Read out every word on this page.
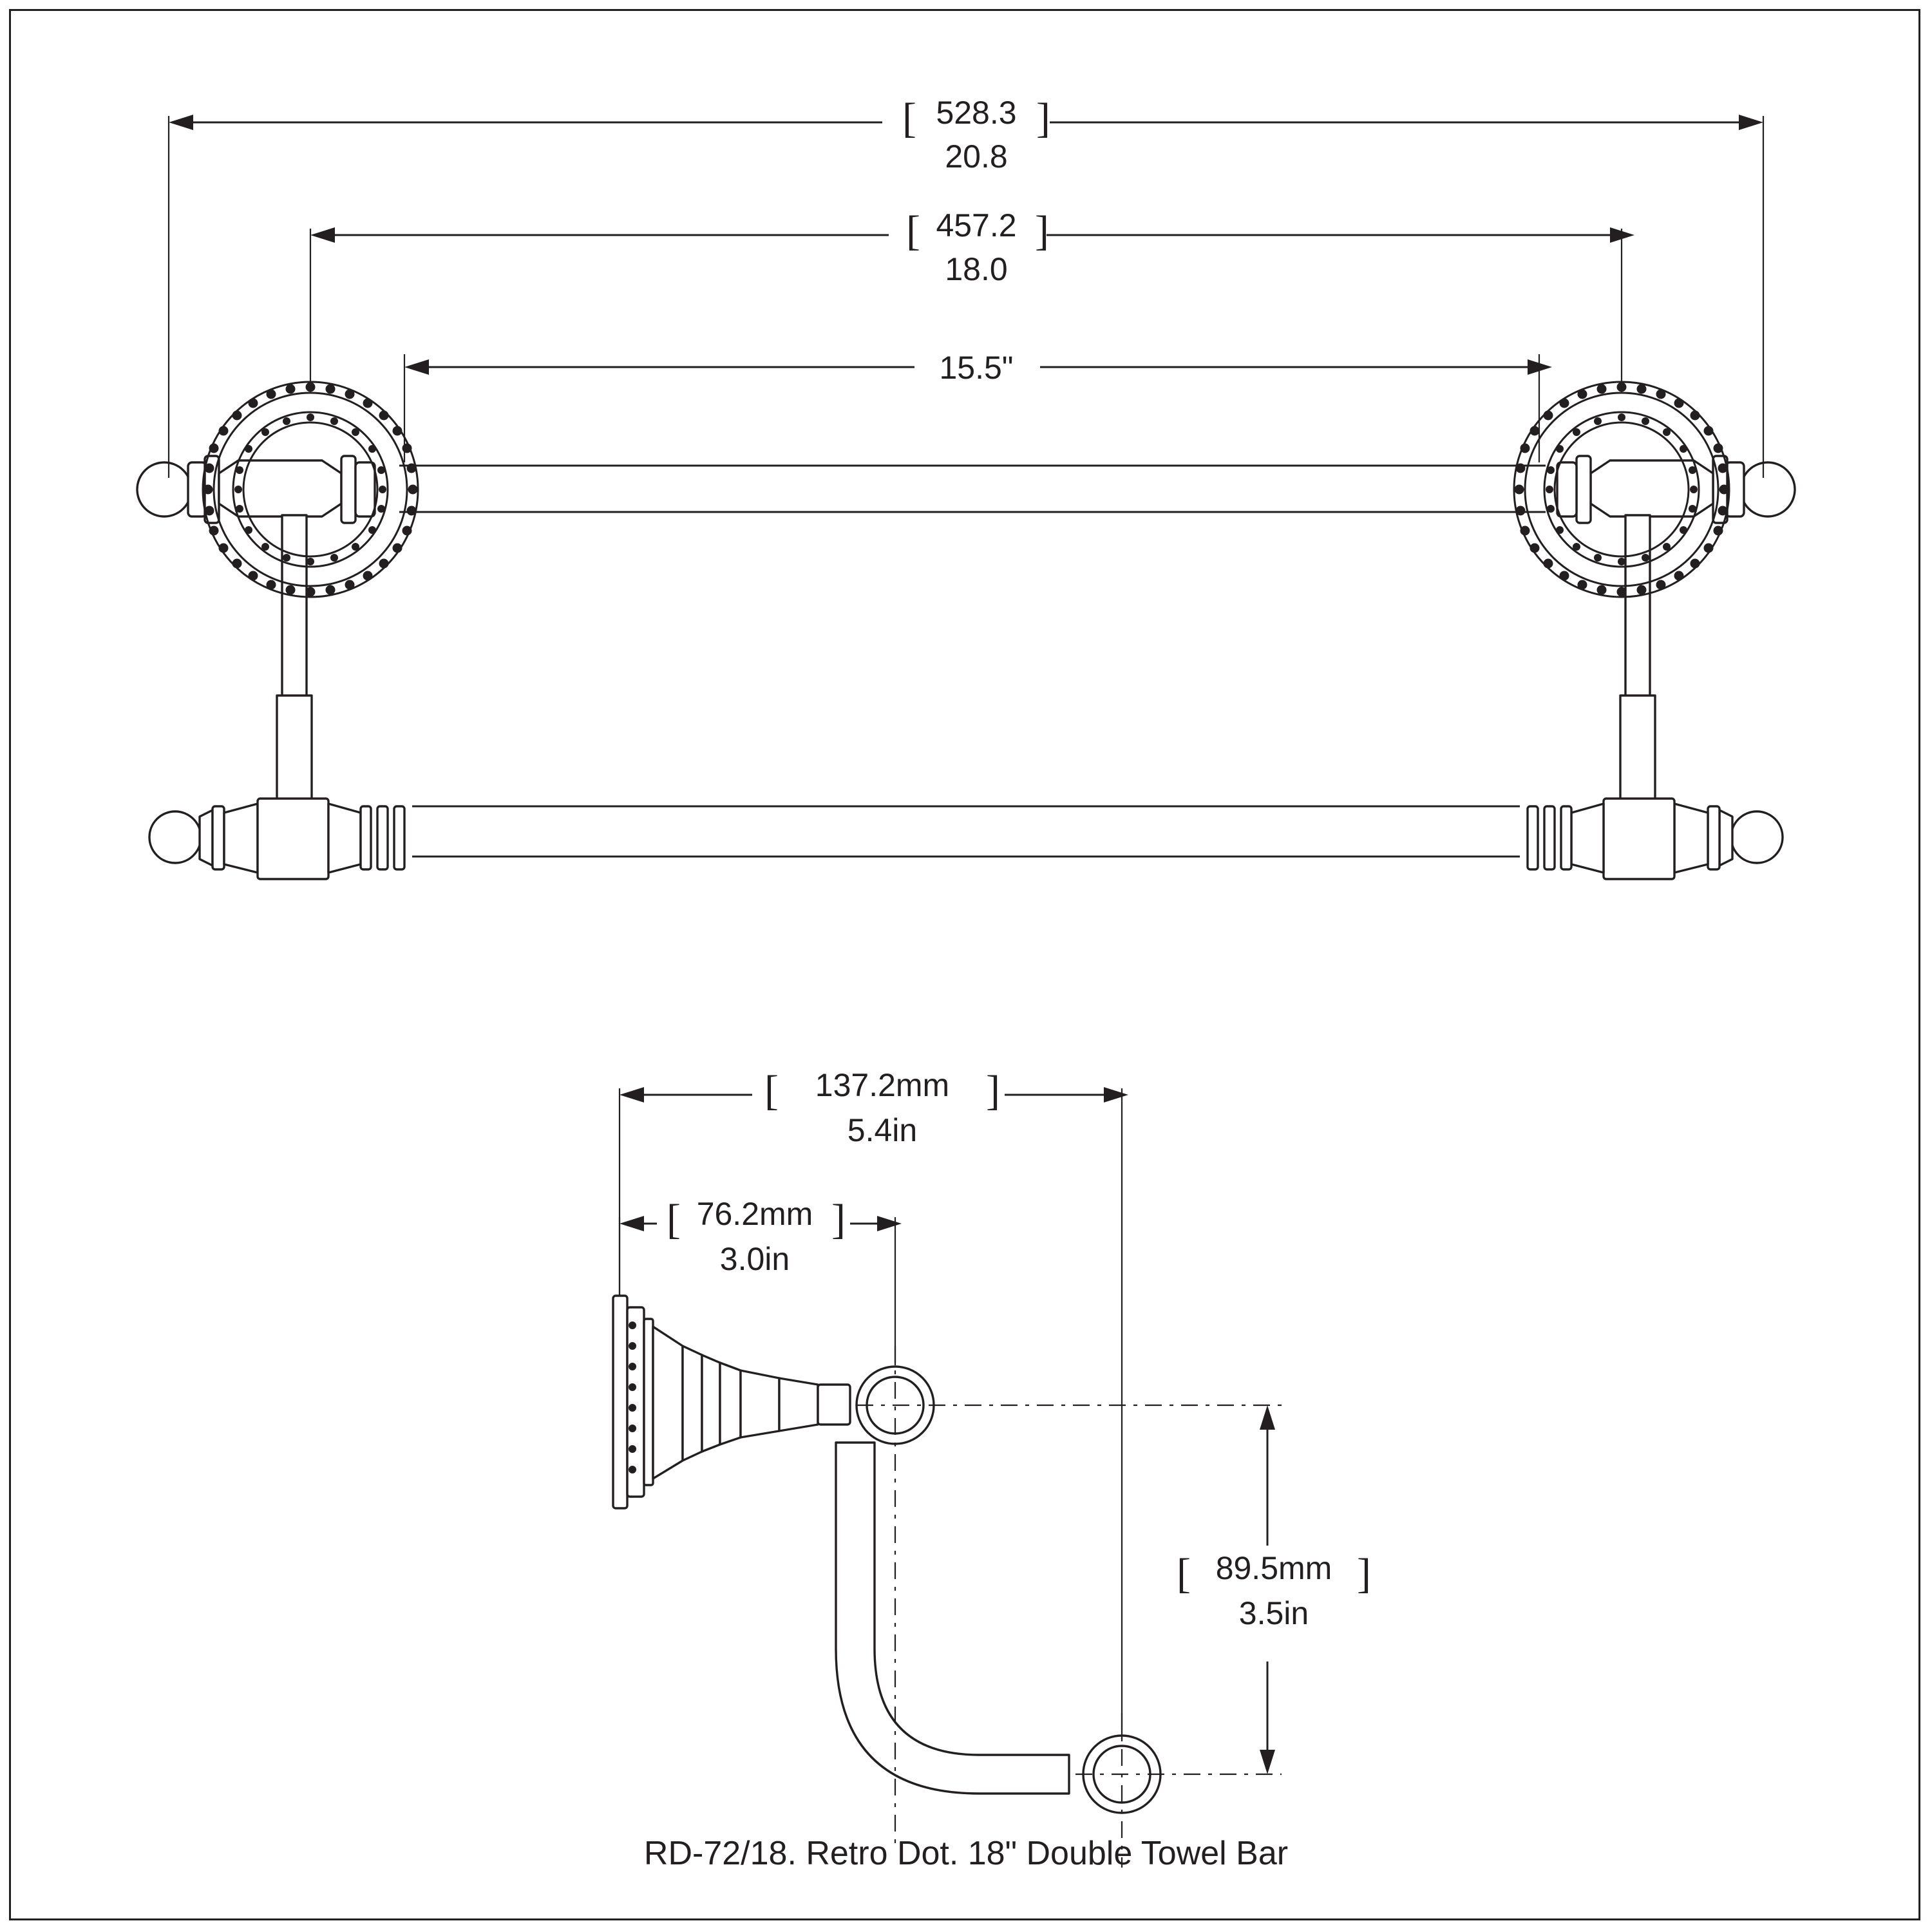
[	]
528.3
20.8
[	]
457.2
18.0
15.5"
[	]
137.2mm
5.4in
[	]
76.2mm
3.0in
[	]
89.5mm
3.5in
RD-72/18. Retro Dot. 18" Double Towel Bar
